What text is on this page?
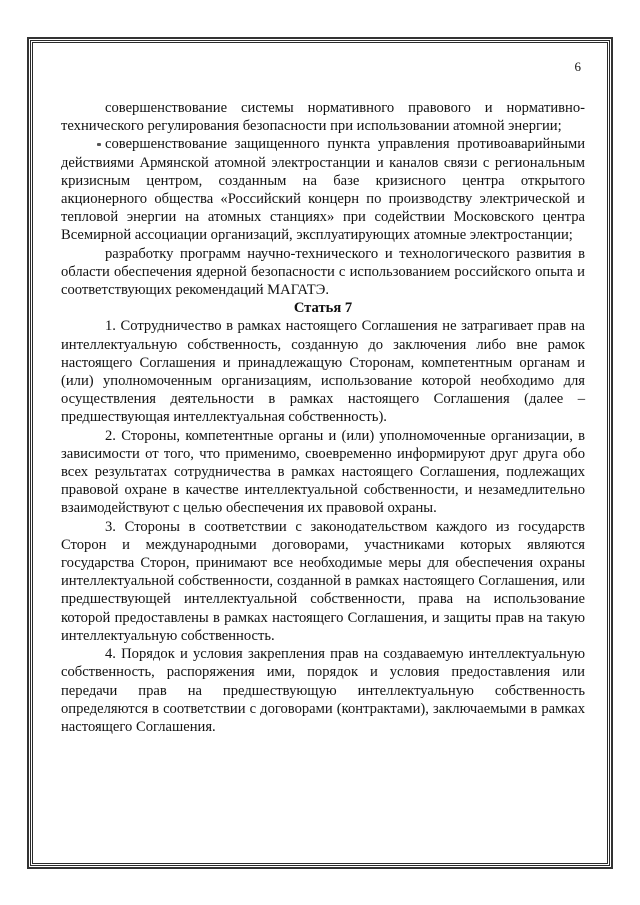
6

совершенствование системы нормативного правового и нормативно-технического регулирования безопасности при использовании атомной энергии;

совершенствование защищенного пункта управления противоаварийными действиями Армянской атомной электростанции и каналов связи с региональным кризисным центром, созданным на базе кризисного центра открытого акционерного общества «Российский концерн по производству электрической и тепловой энергии на атомных станциях» при содействии Московского центра Всемирной ассоциации организаций, эксплуатирующих атомные электростанции;

разработку программ научно-технического и технологического развития в области обеспечения ядерной безопасности с использованием российского опыта и соответствующих рекомендаций МАГАТЭ.

Статья 7

1. Сотрудничество в рамках настоящего Соглашения не затрагивает прав на интеллектуальную собственность, созданную до заключения либо вне рамок настоящего Соглашения и принадлежащую Сторонам, компетентным органам и (или) уполномоченным организациям, использование которой необходимо для осуществления деятельности в рамках настоящего Соглашения (далее – предшествующая интеллектуальная собственность).

2. Стороны, компетентные органы и (или) уполномоченные организации, в зависимости от того, что применимо, своевременно информируют друг друга обо всех результатах сотрудничества в рамках настоящего Соглашения, подлежащих правовой охране в качестве интеллектуальной собственности, и незамедлительно взаимодействуют с целью обеспечения их правовой охраны.

3. Стороны в соответствии с законодательством каждого из государств Сторон и международными договорами, участниками которых являются государства Сторон, принимают все необходимые меры для обеспечения охраны интеллектуальной собственности, созданной в рамках настоящего Соглашения, или предшествующей интеллектуальной собственности, права на использование которой предоставлены в рамках настоящего Соглашения, и защиты прав на такую интеллектуальную собственность.

4. Порядок и условия закрепления прав на создаваемую интеллектуальную собственность, распоряжения ими, порядок и условия предоставления или передачи прав на предшествующую интеллектуальную собственность определяются в соответствии с договорами (контрактами), заключаемыми в рамках настоящего Соглашения.
